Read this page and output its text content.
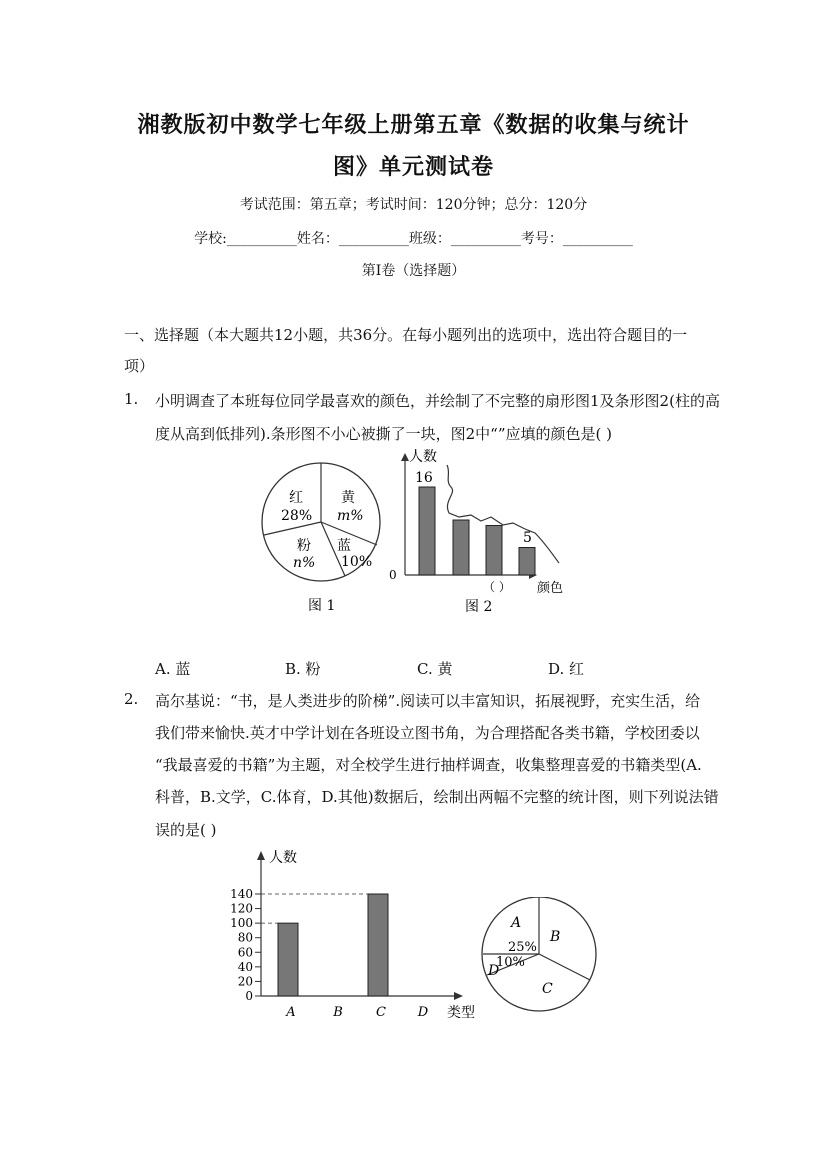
湘教版初中数学七年级上册第五章《数据的收集与统计
图》单元测试卷
考试范围：第五章；考试时间：120分钟；总分：120分
学校:__________姓名：__________班级：__________考号：__________
第I卷（选择题）
一、选择题（本大题共12小题，共36分。在每小题列出的选项中，选出符合题目的一
项）
1. 小明调查了本班每位同学最喜欢的颜色，并绘制了不完整的扇形图1及条形图2(柱的高
度从高到低排列).条形图不小心被撕了一块，图2中“”应填的颜色是( )
红
28%
黄
m%
粉
n%
蓝
10%
图 1
人数
0
颜色
16
5
（ ）
图 2
A. 蓝	B. 粉	C. 黄	D. 红
2. 高尔基说：“书，是人类进步的阶梯”.阅读可以丰富知识，拓展视野，充实生活，给
我们带来愉快.英才中学计划在各班设立图书角，为合理搭配各类书籍，学校团委以
“我最喜爱的书籍”为主题，对全校学生进行抽样调查，收集整理喜爱的书籍类型(A.
科普，B.文学，C.体育，D.其他)数据后，绘制出两幅不完整的统计图，则下列说法错
误的是( )
人数
类型
0
20
40
60
80
100
120
140
A	B	C D
A
25%
B
C
D
10%
